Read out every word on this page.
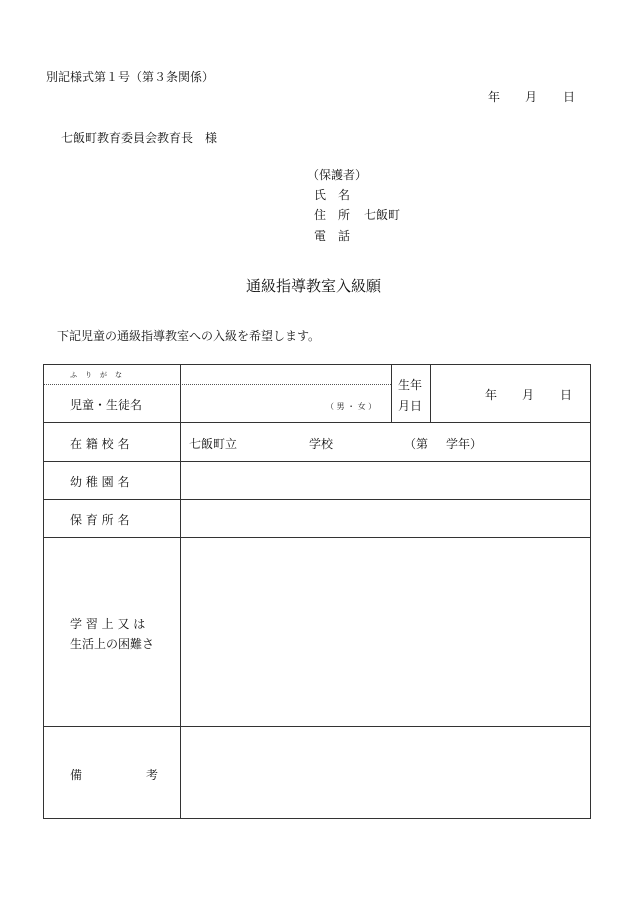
別記様式第１号（第３条関係）
年 月 日
七飯町教育委員会教育長　様
（保護者）
氏　名
住　所 七飯町
電　話
通級指導教室入級願
下記児童の通級指導教室への入級を希望します。
ふ　り　が　な
児童・生徒名	（ 男 ・ 女 ）
生年
月日
年 月 日
在 籍 校 名	七飯町立	学校	（第 学年）
幼 稚 園 名
保 育 所 名
学 習 上 又 は
生活上の困難さ
備	考
